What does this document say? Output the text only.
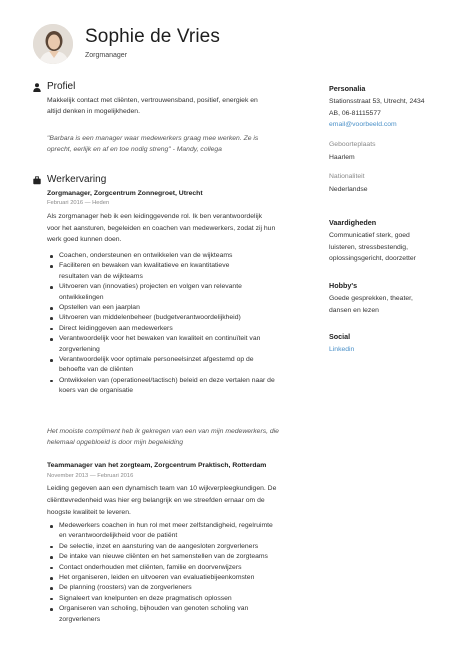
Sophie de Vries
Zorgmanager
Profiel
Makkelijk contact met cliënten, vertrouwensband, positief, energiek en
altijd denken in mogelijkheden.
"Barbara is een manager waar medewerkers graag mee werken. Ze is
oprecht, eerlijk en af en toe nodig streng" - Mandy, collega
Werkervaring
Zorgmanager, Zorgcentrum Zonnegroet, Utrecht
Februari 2016 — Heden
Als zorgmanager heb ik een leidinggevende rol. Ik ben verantwoordelijk
voor het aansturen, begeleiden en coachen van medewerkers, zodat zij hun
werk goed kunnen doen.
Coachen, ondersteunen en ontwikkelen van de wijkteams
Faciliteren en bewaken van kwalitatieve en kwantitatieve
resultaten van de wijkteams
Uitvoeren van (innovaties) projecten en volgen van relevante
ontwikkelingen
Opstellen van een jaarplan
Uitvoeren van middelenbeheer (budgetverantwoordelijkheid)
Direct leidinggeven aan medewerkers
Verantwoordelijk voor het bewaken van kwaliteit en continuïteit van
zorgverlening
Verantwoordelijk voor optimale personeelsinzet afgestemd op de
behoefte van de cliënten
Ontwikkelen van (operationeel/tactisch) beleid en deze vertalen naar de
koers van de organisatie
Het mooiste compliment heb ik gekregen van een van mijn medewerkers, die
helemaal opgebloeid is door mijn begeleiding
Teammanager van het zorgteam, Zorgcentrum Praktisch, Rotterdam
November 2013 — Februari 2016
Leiding gegeven aan een dynamisch team van 10 wijkverpleegkundigen. De
cliënttevredenheid was hier erg belangrijk en we streefden ernaar om de
hoogste kwaliteit te leveren.
Medewerkers coachen in hun rol met meer zelfstandigheid, regelruimte
en verantwoordelijkheid voor de patiënt
De selectie, inzet en aansturing van de aangesloten zorgverleners
De intake van nieuwe cliënten en het samenstellen van de zorgteams
Contact onderhouden met cliënten, familie en doorverwijzers
Het organiseren, leiden en uitvoeren van evaluatiebijeenkomsten
De planning (roosters) van de zorgverleners
Signaleert van knelpunten en deze pragmatisch oplossen
Organiseren van scholing, bijhouden van genoten scholing van
zorgverleners
Personalia
Stationsstraat 53, Utrecht, 2434
AB, 06-81115577
email@voorbeeld.com
Geboorteplaats
Haarlem
Nationaliteit
Nederlandse
Vaardigheden
Communicatief sterk, goed
luisteren, stressbestendig,
oplossingsgericht, doorzetter
Hobby's
Goede gesprekken, theater,
dansen en lezen
Social
Linkedin
